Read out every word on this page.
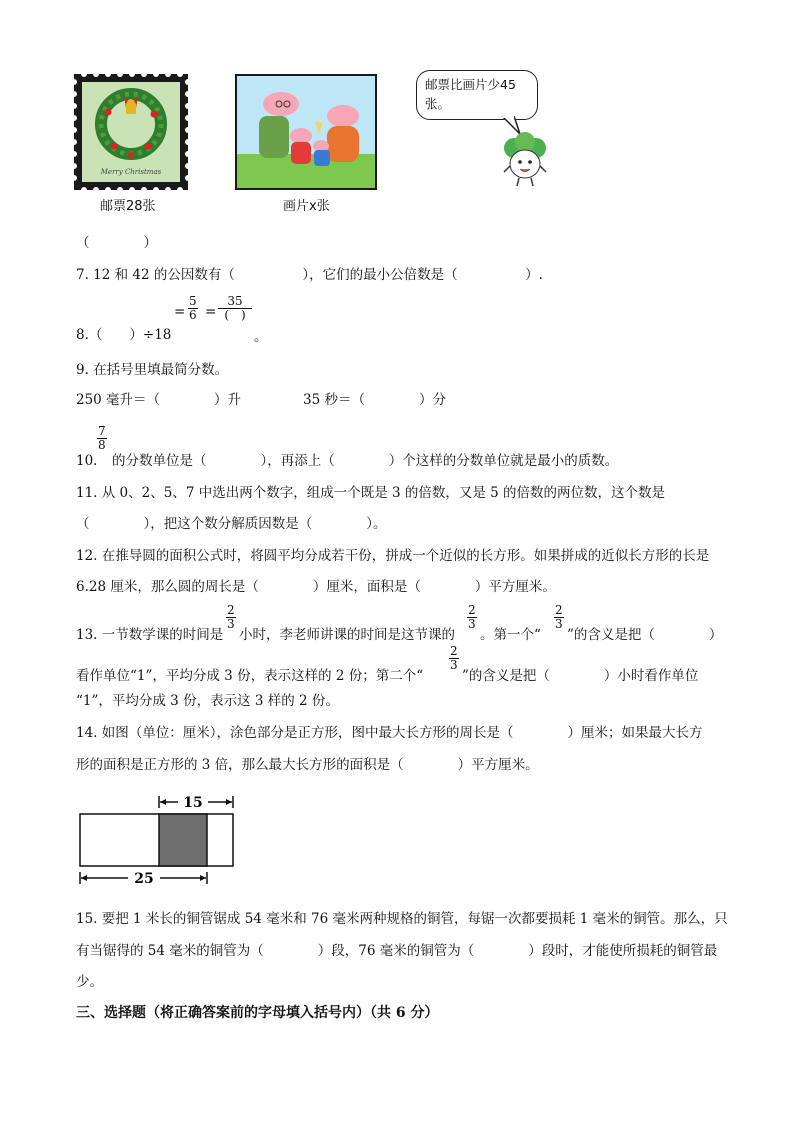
Merry Christmas
邮票28张	画片x张
邮票比画片少45张。
（　　　　）
7. 12 和 42 的公因数有（　　　　　），它们的最小公倍数是（　　　　　）.
8.（　　）÷18
= $\frac{5}{6}$ =
35
(　)
。
9. 在括号里填最简分数。
250 毫升＝（　　　　）升	35 秒＝（　　　　）分
10.
$\frac{7}{8}$
的分数单位是（　　　　），再添上（　　　　）个这样的分数单位就是最小的质数。
11. 从 0、2、5、7 中选出两个数字，组成一个既是 3 的倍数，又是 5 的倍数的两位数，这个数是
（　　　　），把这个数分解质因数是（　　　　）。
12. 在推导圆的面积公式时，将圆平均分成若干份，拼成一个近似的长方形。如果拼成的近似长方形的长是
6.28 厘米，那么圆的周长是（　　　　）厘米，面积是（　　　　）平方厘米。
13. 一节数学课的时间是
$\frac{2}{3}$
小时，李老师讲课的时间是这节课的
$\frac{2}{3}$
。第一个“
$\frac{2}{3}$
”的含义是把（　　　　）
看作单位“1”，平均分成 3 份，表示这样的 2 份；第二个“
$\frac{2}{3}$
”的含义是把（　　　　）小时看作单位
“1”，平均分成 3 份，表示这 3 样的 2 份。
14. 如图（单位：厘米），涂色部分是正方形，图中最大长方形的周长是（　　　　）厘米；如果最大长方
形的面积是正方形的 3 倍，那么最大长方形的面积是（　　　　）平方厘米。
15
25
15. 要把 1 米长的铜管锯成 54 毫米和 76 毫米两种规格的铜管，每锯一次都要损耗 1 毫米的铜管。那么，只
有当锯得的 54 毫米的铜管为（　　　　）段，76 毫米的铜管为（　　　　）段时，才能使所损耗的铜管最
少。
三、选择题（将正确答案前的字母填入括号内）（共 6 分）
